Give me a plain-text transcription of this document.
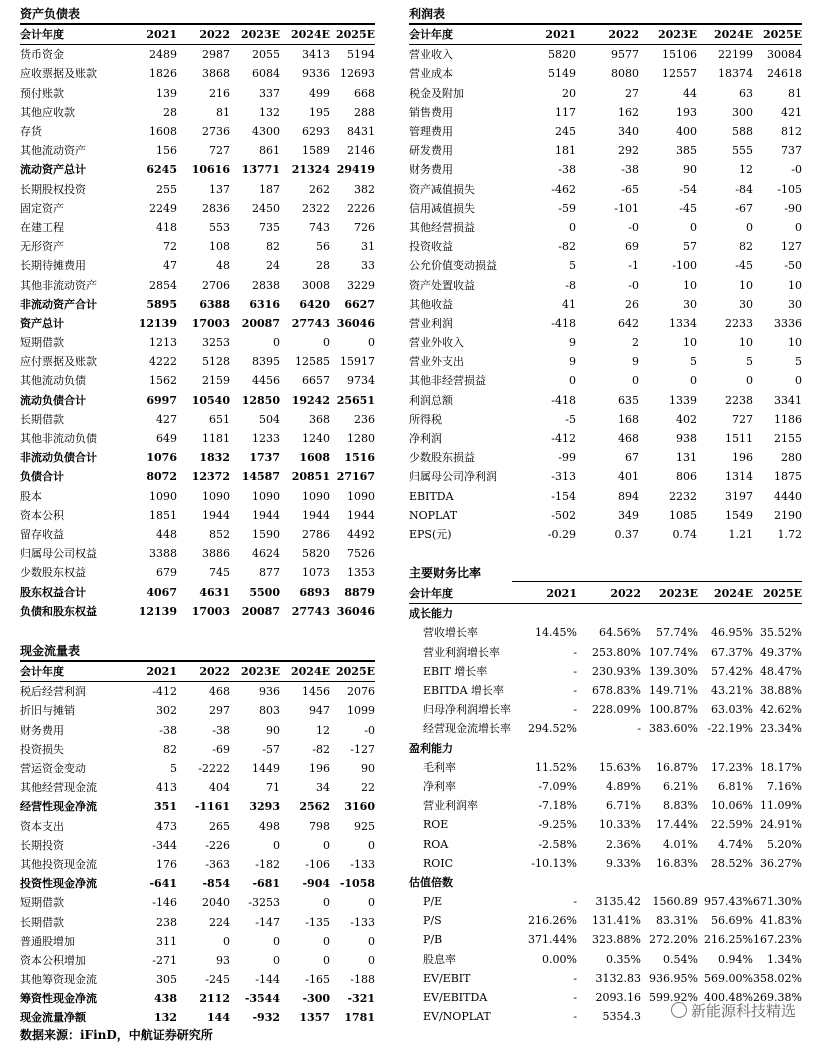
资产负债表
会计年度	2021	2022	2023E	2024E	2025E
货币资金	2489	2987	2055	3413	5194
应收票据及账款	1826	3868	6084	9336	12693
预付账款	139	216	337	499	668
其他应收款	28	81	132	195	288
存货	1608	2736	4300	6293	8431
其他流动资产	156	727	861	1589	2146
流动资产总计	6245	10616	13771	21324	29419
长期股权投资	255	137	187	262	382
固定资产	2249	2836	2450	2322	2226
在建工程	418	553	735	743	726
无形资产	72	108	82	56	31
长期待摊费用	47	48	24	28	33
其他非流动资产	2854	2706	2838	3008	3229
非流动资产合计	5895	6388	6316	6420	6627
资产总计	12139	17003	20087	27743	36046
短期借款	1213	3253	0	0	0
应付票据及账款	4222	5128	8395	12585	15917
其他流动负债	1562	2159	4456	6657	9734
流动负债合计	6997	10540	12850	19242	25651
长期借款	427	651	504	368	236
其他非流动负债	649	1181	1233	1240	1280
非流动负债合计	1076	1832	1737	1608	1516
负债合计	8072	12372	14587	20851	27167
股本	1090	1090	1090	1090	1090
资本公积	1851	1944	1944	1944	1944
留存收益	448	852	1590	2786	4492
归属母公司权益	3388	3886	4624	5820	7526
少数股东权益	679	745	877	1073	1353
股东权益合计	4067	4631	5500	6893	8879
负债和股东权益	12139	17003	20087	27743	36046
利润表
会计年度	2021	2022	2023E	2024E	2025E
营业收入	5820	9577	15106	22199	30084
营业成本	5149	8080	12557	18374	24618
税金及附加	20	27	44	63	81
销售费用	117	162	193	300	421
管理费用	245	340	400	588	812
研发费用	181	292	385	555	737
财务费用	-38	-38	90	12	-0
资产减值损失	-462	-65	-54	-84	-105
信用减值损失	-59	-101	-45	-67	-90
其他经营损益	0	-0	0	0	0
投资收益	-82	69	57	82	127
公允价值变动损益	5	-1	-100	-45	-50
资产处置收益	-8	-0	10	10	10
其他收益	41	26	30	30	30
营业利润	-418	642	1334	2233	3336
营业外收入	9	2	10	10	10
营业外支出	9	9	5	5	5
其他非经营损益	0	0	0	0	0
利润总额	-418	635	1339	2238	3341
所得税	-5	168	402	727	1186
净利润	-412	468	938	1511	2155
少数股东损益	-99	67	131	196	280
归属母公司净利润	-313	401	806	1314	1875
EBITDA	-154	894	2232	3197	4440
NOPLAT	-502	349	1085	1549	2190
EPS(元)	-0.29	0.37	0.74	1.21	1.72
现金流量表
会计年度	2021	2022	2023E	2024E	2025E
税后经营利润	-412	468	936	1456	2076
折旧与摊销	302	297	803	947	1099
财务费用	-38	-38	90	12	-0
投资损失	82	-69	-57	-82	-127
营运资金变动	5	-2222	1449	196	90
其他经营现金流	413	404	71	34	22
经营性现金净流	351	-1161	3293	2562	3160
资本支出	473	265	498	798	925
长期投资	-344	-226	0	0	0
其他投资现金流	176	-363	-182	-106	-133
投资性现金净流	-641	-854	-681	-904	-1058
短期借款	-146	2040	-3253	0	0
长期借款	238	224	-147	-135	-133
普通股增加	311	0	0	0	0
资本公积增加	-271	93	0	0	0
其他筹资现金流	305	-245	-144	-165	-188
筹资性现金净流	438	2112	-3544	-300	-321
现金流量净额	132	144	-932	1357	1781
主要财务比率
会计年度	2021	2022	2023E	2024E	2025E
成长能力					
营收增长率	14.45%	64.56%	57.74%	46.95%	35.52%
营业利润增长率	-	253.80%	107.74%	67.37%	49.37%
EBIT 增长率	-	230.93%	139.30%	57.42%	48.47%
EBITDA 增长率	-	678.83%	149.71%	43.21%	38.88%
归母净利润增长率	-	228.09%	100.87%	63.03%	42.62%
经营现金流增长率	294.52%	-	383.60%	-22.19%	23.34%
盈利能力					
毛利率	11.52%	15.63%	16.87%	17.23%	18.17%
净利率	-7.09%	4.89%	6.21%	6.81%	7.16%
营业利润率	-7.18%	6.71%	8.83%	10.06%	11.09%
ROE	-9.25%	10.33%	17.44%	22.59%	24.91%
ROA	-2.58%	2.36%	4.01%	4.74%	5.20%
ROIC	-10.13%	9.33%	16.83%	28.52%	36.27%
估值倍数					
P/E	-	3135.42	1560.89	957.43%	671.30%
P/S	216.26%	131.41%	83.31%	56.69%	41.83%
P/B	371.44%	323.88%	272.20%	216.25%	167.23%
股息率	0.00%	0.35%	0.54%	0.94%	1.34%
EV/EBIT	-	3132.83	936.95%	569.00%	358.02%
EV/EBITDA	-	2093.16	599.92%	400.48%	269.38%
EV/NOPLAT	-	5354.3			
数据来源：iFinD，中航证券研究所
新能源科技精选
